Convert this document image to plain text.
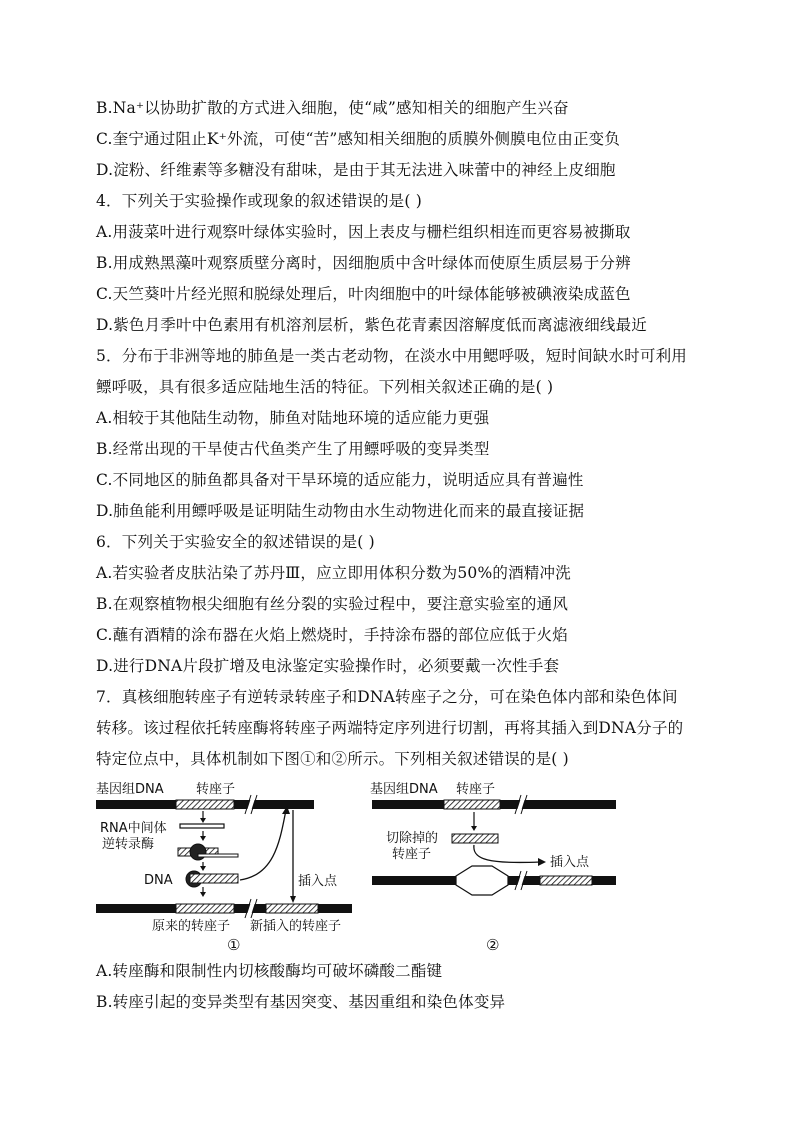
B.Na⁺以协助扩散的方式进入细胞，使“咸”感知相关的细胞产生兴奋
C.奎宁通过阻止K⁺外流，可使“苦”感知相关细胞的质膜外侧膜电位由正变负
D.淀粉、纤维素等多糖没有甜味，是由于其无法进入味蕾中的神经上皮细胞
4．下列关于实验操作或现象的叙述错误的是( )
A.用菠菜叶进行观察叶绿体实验时，因上表皮与栅栏组织相连而更容易被撕取
B.用成熟黑藻叶观察质壁分离时，因细胞质中含叶绿体而使原生质层易于分辨
C.天竺葵叶片经光照和脱绿处理后，叶肉细胞中的叶绿体能够被碘液染成蓝色
D.紫色月季叶中色素用有机溶剂层析，紫色花青素因溶解度低而离滤液细线最近
5．分布于非洲等地的肺鱼是一类古老动物，在淡水中用鳃呼吸，短时间缺水时可利用
鳔呼吸，具有很多适应陆地生活的特征。下列相关叙述正确的是( )
A.相较于其他陆生动物，肺鱼对陆地环境的适应能力更强
B.经常出现的干旱使古代鱼类产生了用鳔呼吸的变异类型
C.不同地区的肺鱼都具备对干旱环境的适应能力，说明适应具有普遍性
D.肺鱼能利用鳔呼吸是证明陆生动物由水生动物进化而来的最直接证据
6．下列关于实验安全的叙述错误的是( )
A.若实验者皮肤沾染了苏丹Ⅲ，应立即用体积分数为50%的酒精冲洗
B.在观察植物根尖细胞有丝分裂的实验过程中，要注意实验室的通风
C.蘸有酒精的涂布器在火焰上燃烧时，手持涂布器的部位应低于火焰
D.进行DNA片段扩增及电泳鉴定实验操作时，必须要戴一次性手套
7．真核细胞转座子有逆转录转座子和DNA转座子之分，可在染色体内部和染色体间
转移。该过程依托转座酶将转座子两端特定序列进行切割，再将其插入到DNA分子的
特定位点中，具体机制如下图①和②所示。下列相关叙述错误的是( )
基因组DNA 转座子
RNA中间体
逆转录酶
DNA	插入点
原来的转座子 新插入的转座子
①
基因组DNA 转座子
切除掉的
转座子
插入点
②
A.转座酶和限制性内切核酸酶均可破坏磷酸二酯键
B.转座引起的变异类型有基因突变、基因重组和染色体变异
